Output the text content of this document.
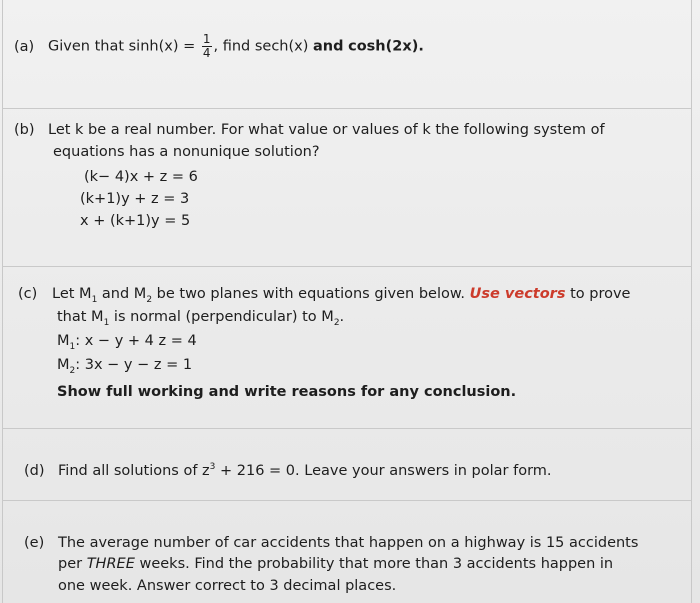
(a) Given that $\sinh(x) = \frac{1}{4}$ , find sech(x) and cosh(2x).
(b) Let k be a real number. For what value or values of k the following system of
equations has a nonunique solution?
(k− 4)x + z = 6
(k+1)y + z = 3
x + (k+1)y = 5
(c) Let $M_1$ and $M_2$ be two planes with equations given below. Use vectors to prove
that $M_1$ is normal (perpendicular) to $M_2$.
$M_1$: x − y + 4 z = 4
$M_2$: 3x − y − z = 1
Show full working and write reasons for any conclusion.
(d) Find all solutions of $z^3 + 216 = 0$. Leave your answers in polar form.
(e) The average number of car accidents that happen on a highway is 15 accidents
per THREE weeks. Find the probability that more than 3 accidents happen in
one week. Answer correct to 3 decimal places.
